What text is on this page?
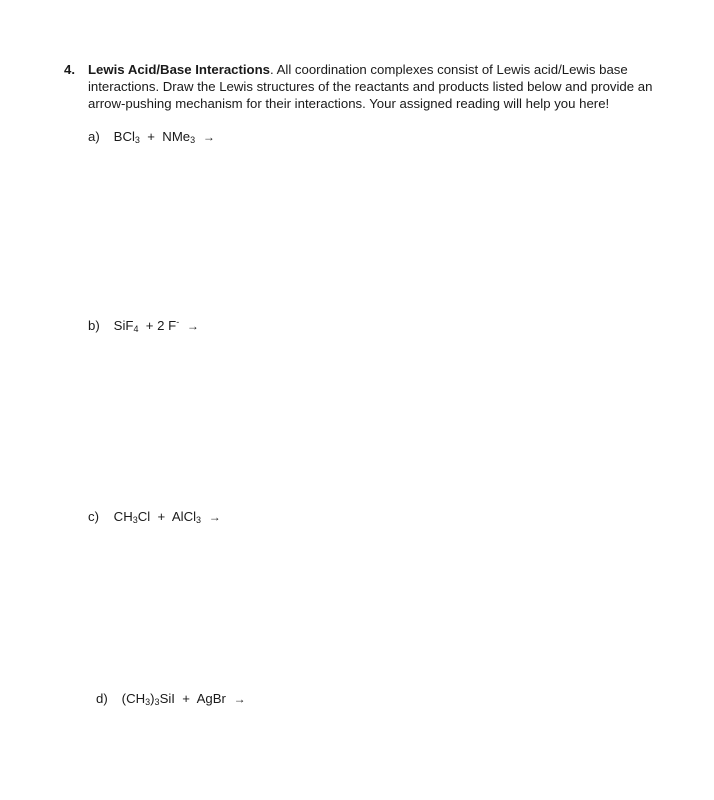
4. Lewis Acid/Base Interactions. All coordination complexes consist of Lewis acid/Lewis base interactions. Draw the Lewis structures of the reactants and products listed below and provide an arrow-pushing mechanism for their interactions. Your assigned reading will help you here!
a) BCl$_3$ + NMe$_3$ →
b) SiF$_4$ + 2 F- →
c) $CH_3Cl$ + AlCl$_3$ →
d) $(CH_3)_3SiI$ + AgBr →
